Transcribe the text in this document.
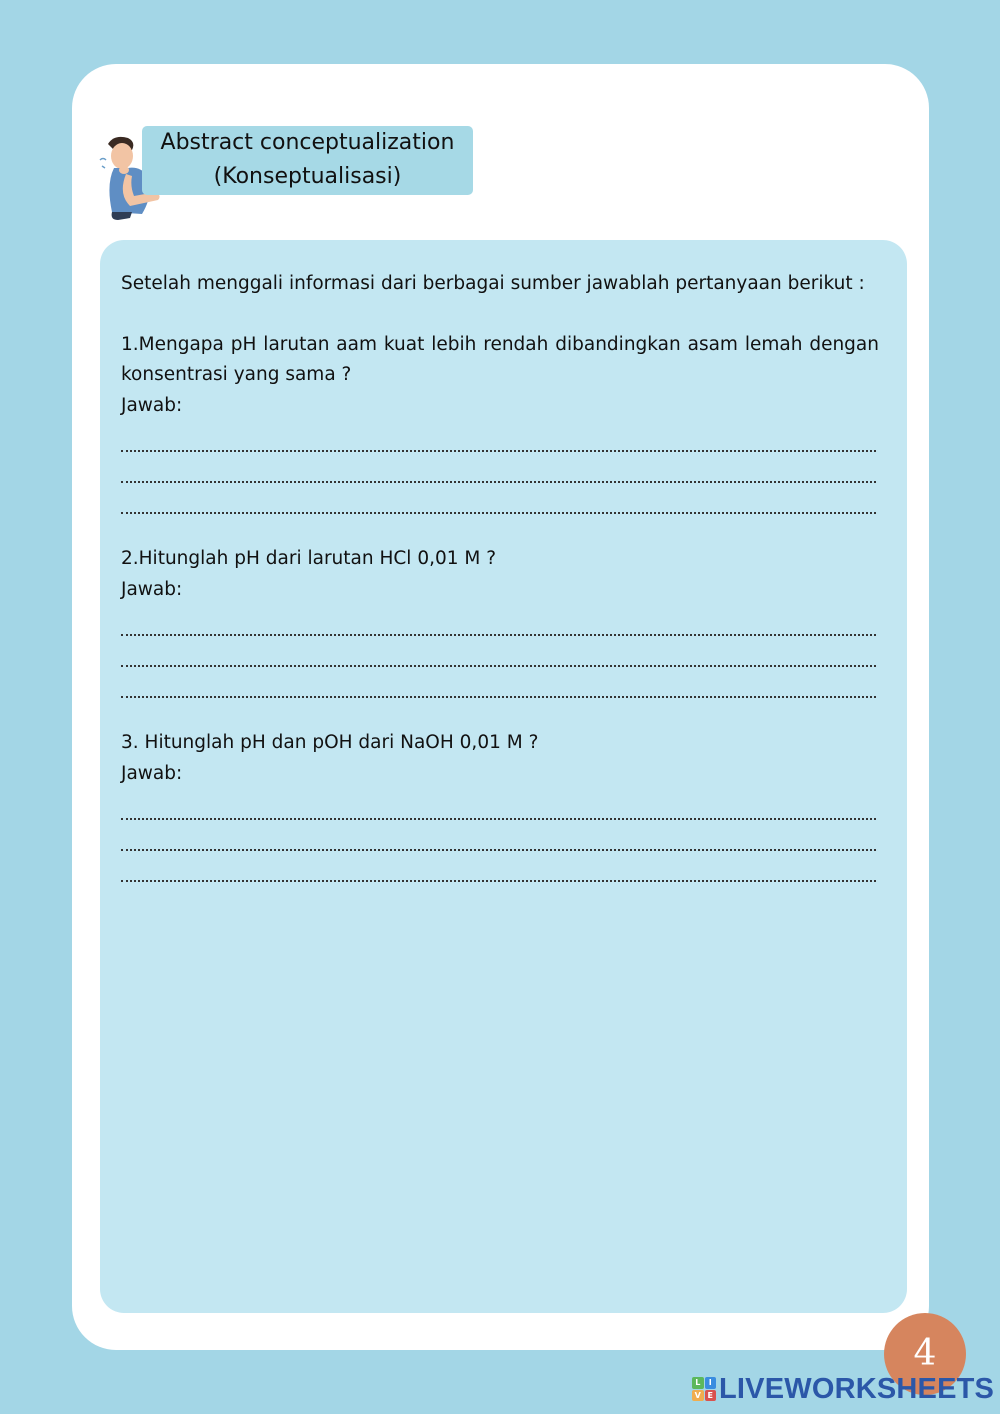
Abstract conceptualization
(Konseptualisasi)

Setelah menggali informasi dari berbagai sumber jawablah pertanyaan berikut :

1.Mengapa pH larutan aam kuat lebih rendah dibandingkan asam lemah dengan konsentrasi yang sama ?

Jawab:

2.Hitunglah pH dari larutan HCl 0,01 M ?

Jawab:

3. Hitunglah pH dan pOH dari NaOH 0,01 M ?

Jawab:

4
L	I
V E LIVEWORKSHEETS
